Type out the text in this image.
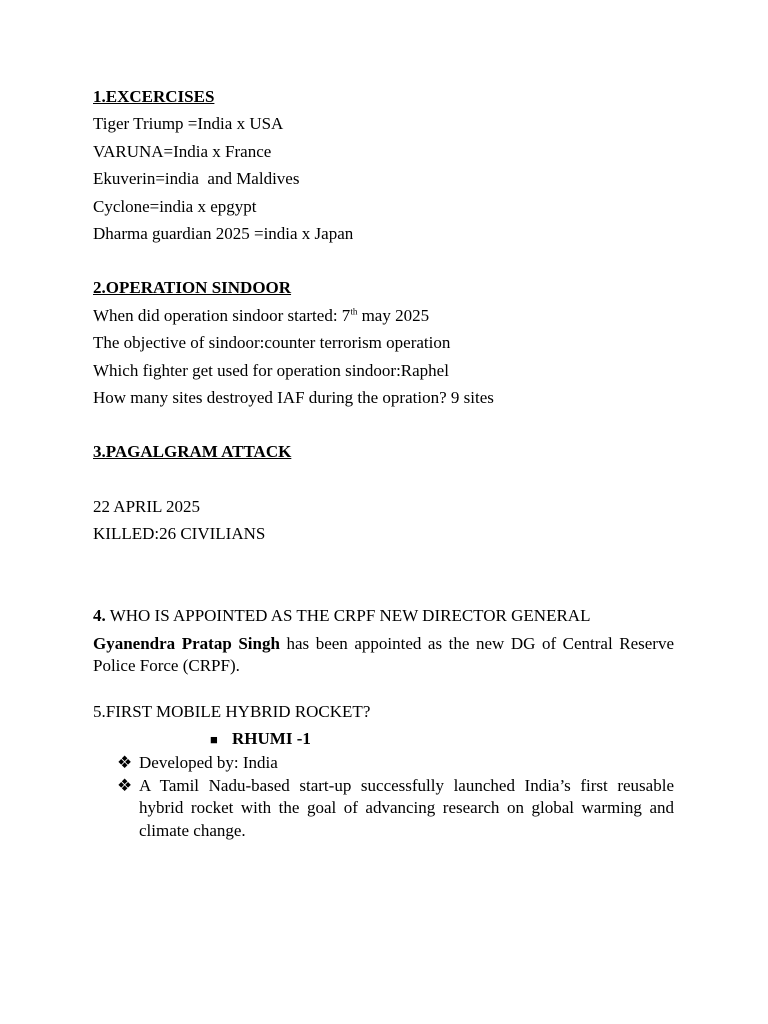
1.EXCERCISES
Tiger Triump =India x USA
VARUNA=India x France
Ekuverin=india  and Maldives
Cyclone=india x epgypt
Dharma guardian 2025 =india x Japan
2.OPERATION SINDOOR
When did operation sindoor started: 7th may 2025
The objective of sindoor:counter terrorism operation
Which fighter get used for operation sindoor:Raphel
How many sites destroyed IAF during the opration? 9 sites
3.PAGALGRAM ATTACK
22 APRIL 2025
KILLED:26 CIVILIANS
4. WHO IS APPOINTED AS THE CRPF NEW DIRECTOR GENERAL
Gyanendra Pratap Singh has been appointed as the new DG of Central Reserve Police Force (CRPF).
5.FIRST MOBILE HYBRID ROCKET?
■ RHUMI -1
❖ Developed by: India
❖ A Tamil Nadu-based start-up successfully launched India’s first reusable hybrid rocket with the goal of advancing research on global warming and climate change.
